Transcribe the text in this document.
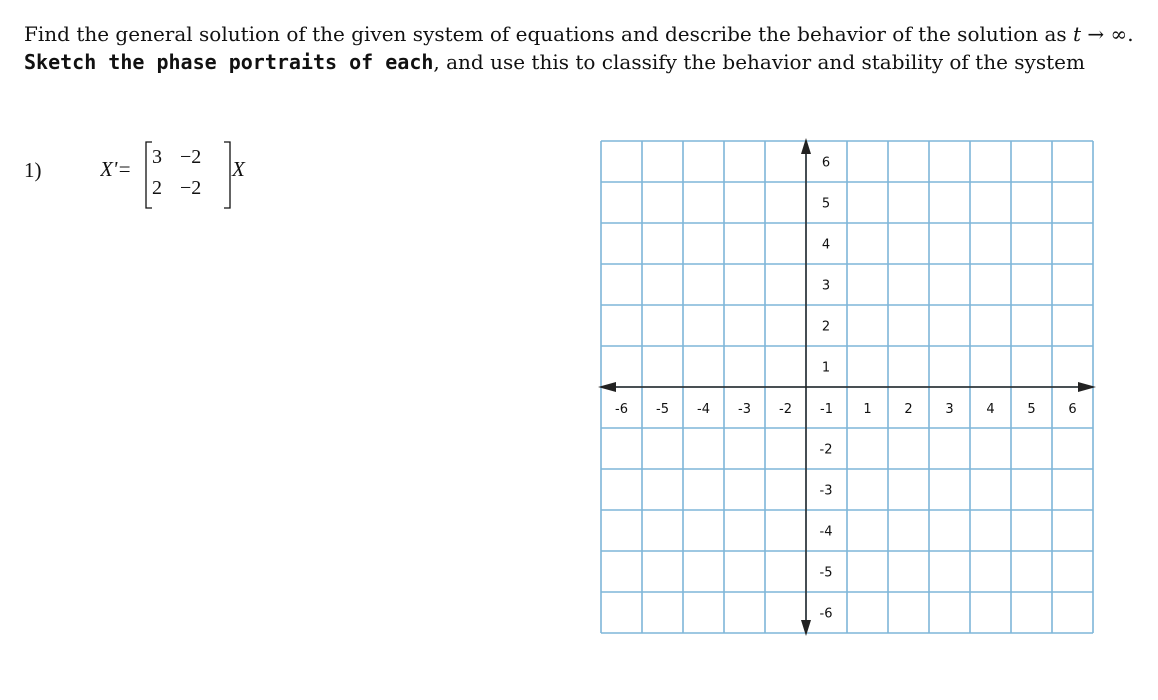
Find the general solution of the given system of equations and describe the behavior of the solution as t → ∞. Sketch the phase portraits of each, and use this to classify the behavior and stability of the system
1)	X'= 3 −2
2 −2
X
-6 -5 -4 -3 -2 -1 1	2	3	4	5	6
1
2
3
4
5
6
-2
-3
-4
-5
-6
